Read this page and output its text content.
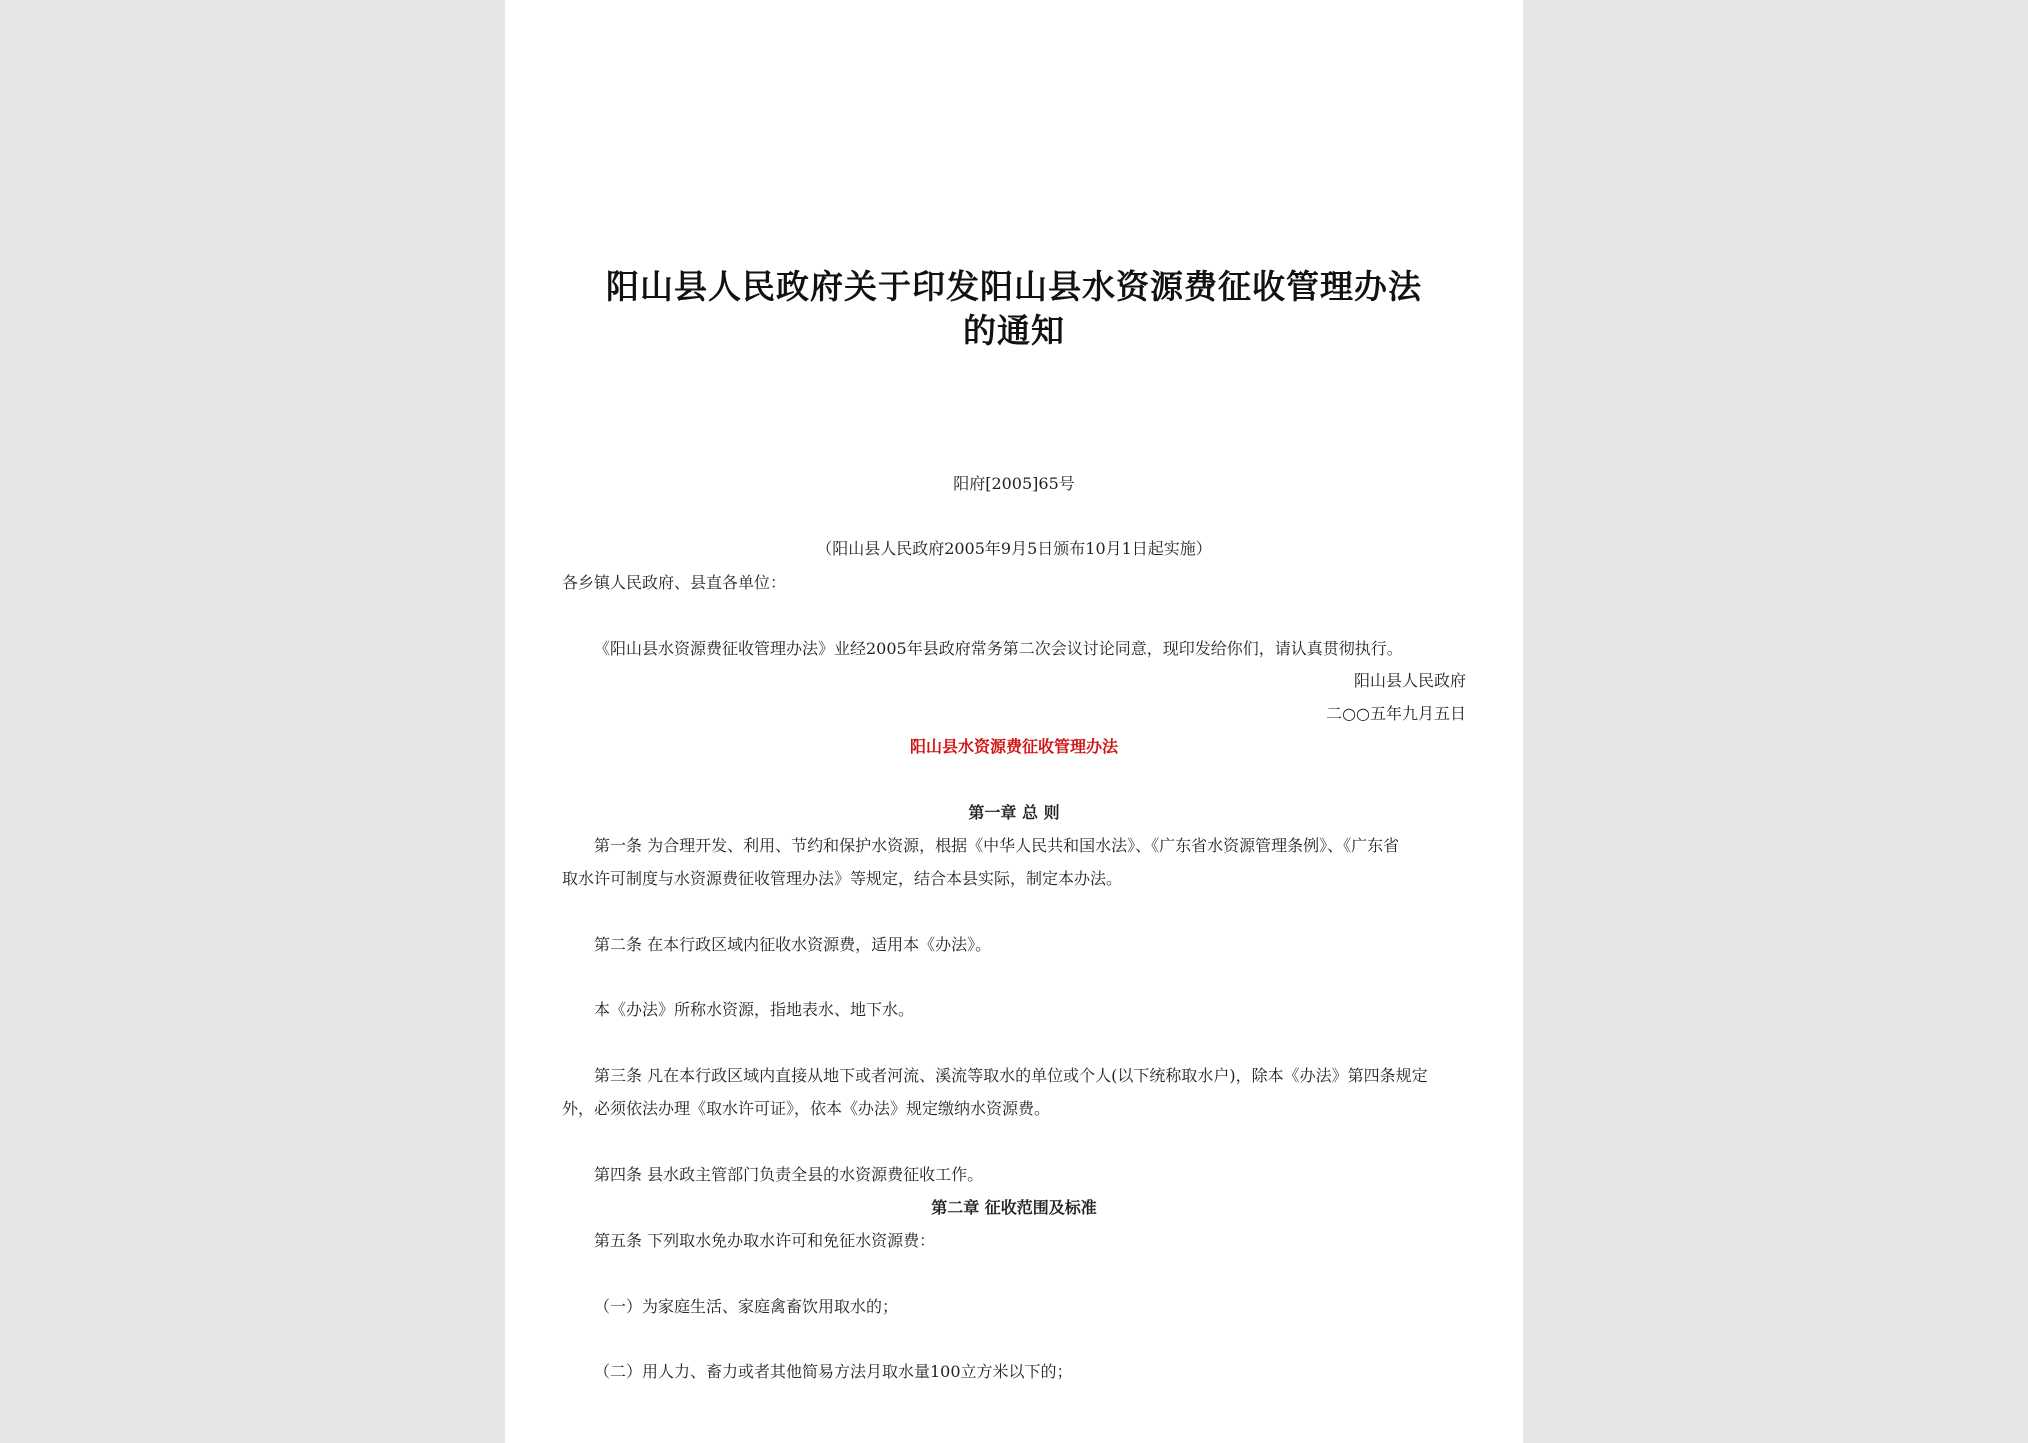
阳山县人民政府关于印发阳山县水资源费征收管理办法
的通知
阳府[2005]65号
（阳山县人民政府2005年9月5日颁布10月1日起实施）
各乡镇人民政府、县直各单位：
《阳山县水资源费征收管理办法》业经2005年县政府常务第二次会议讨论同意，现印发给你们，请认真贯彻执行。
阳山县人民政府
二○○五年九月五日
阳山县水资源费征收管理办法
第一章 总 则
第一条 为合理开发、利用、节约和保护水资源，根据《中华人民共和国水法》、《广东省水资源管理条例》、《广东省
取水许可制度与水资源费征收管理办法》等规定，结合本县实际，制定本办法。
第二条 在本行政区域内征收水资源费，适用本《办法》。
本《办法》所称水资源，指地表水、地下水。
第三条 凡在本行政区域内直接从地下或者河流、溪流等取水的单位或个人(以下统称取水户)，除本《办法》第四条规定
外，必须依法办理《取水许可证》，依本《办法》规定缴纳水资源费。
第四条 县水政主管部门负责全县的水资源费征收工作。
第二章 征收范围及标准
第五条 下列取水免办取水许可和免征水资源费：
（一）为家庭生活、家庭禽畜饮用取水的；
（二）用人力、畜力或者其他简易方法月取水量100立方米以下的；
